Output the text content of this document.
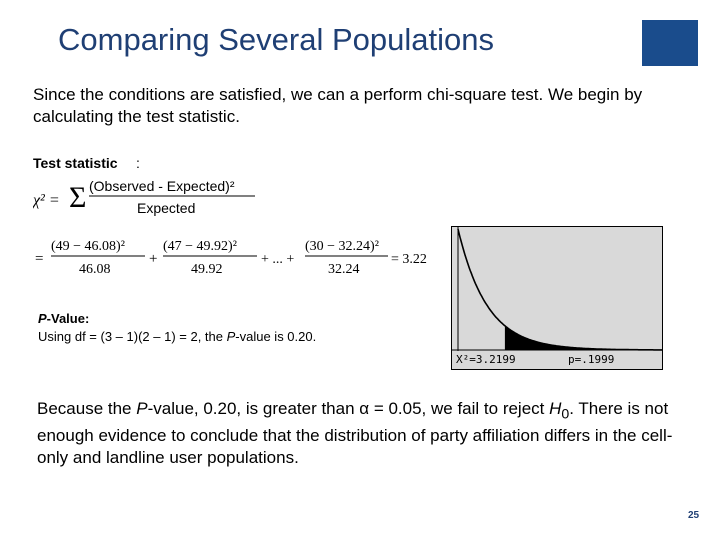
Comparing Several Populations
Since the conditions are satisfied, we can a perform chi-square test. We begin by calculating the test statistic.
Test statistic :
χ² = Σ (Observed - Expected)²
Expected
=
(49 − 46.08)²
46.08
+
(47 − 49.92)²
49.92
+ ... +
(30 − 32.24)²
32.24
= 3.22
P-Value:
Using df = (3 – 1)(2 – 1) = 2, the P-value is 0.20.
X²=3.2199	p=.1999
Because the P-value, 0.20, is greater than α = 0.05, we fail to reject $H_0$. There is not enough evidence to conclude that the distribution of party affiliation differs in the cell-only and landline user populations.
25
